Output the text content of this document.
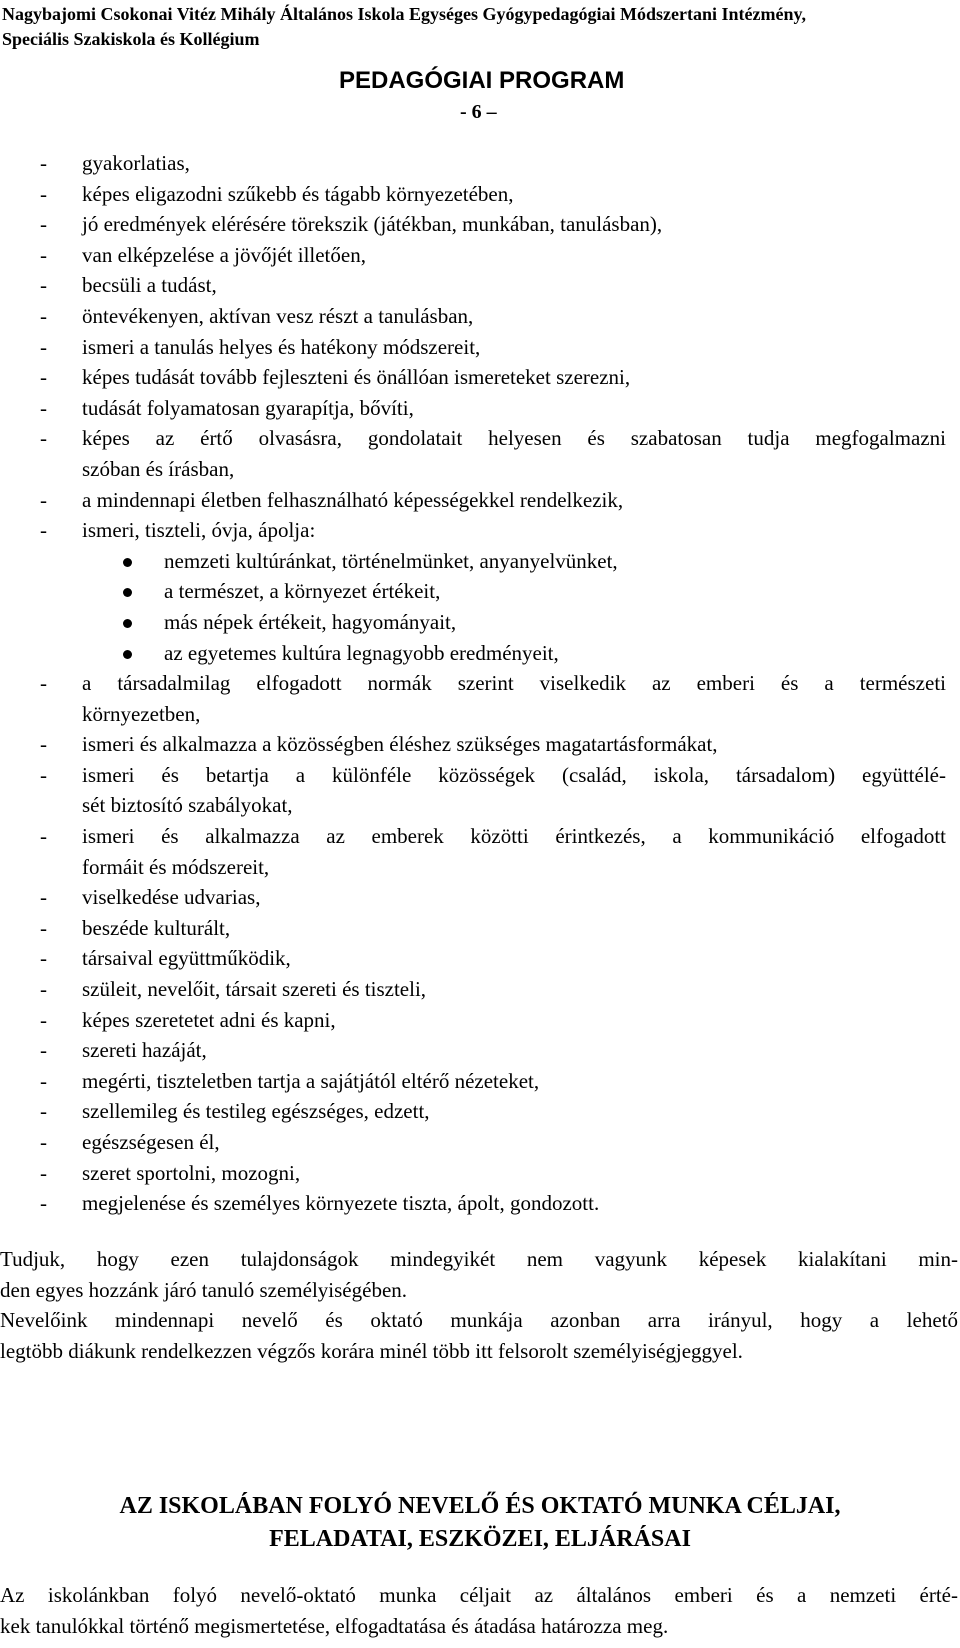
Nagybajomi Csokonai Vitéz Mihály Általános Iskola Egységes Gyógypedagógiai Módszertani Intézmény,
Speciális Szakiskola és Kollégium
PEDAGÓGIAI PROGRAM
- 6 –
- gyakorlatias,
- képes eligazodni szűkebb és tágabb környezetében,
- jó eredmények elérésére törekszik (játékban, munkában, tanulásban),
- van elképzelése a jövőjét illetően,
- becsüli a tudást,
- öntevékenyen, aktívan vesz részt a tanulásban,
- ismeri a tanulás helyes és hatékony módszereit,
- képes tudását tovább fejleszteni és önállóan ismereteket szerezni,
- tudását folyamatosan gyarapítja, bővíti,
- képes az értő olvasásra, gondolatait helyesen és szabatosan tudja megfogalmazni
szóban és írásban,
- a mindennapi életben felhasználható képességekkel rendelkezik,
- ismeri, tiszteli, óvja, ápolja:
nemzeti kultúránkat, történelmünket, anyanyelvünket,
a természet, a környezet értékeit,
más népek értékeit, hagyományait,
az egyetemes kultúra legnagyobb eredményeit,
- a társadalmilag elfogadott normák szerint viselkedik az emberi és a természeti
környezetben,
- ismeri és alkalmazza a közösségben éléshez szükséges magatartásformákat,
- ismeri és betartja a különféle közösségek (család, iskola, társadalom) együttélé-
sét biztosító szabályokat,
- ismeri és alkalmazza az emberek közötti érintkezés, a kommunikáció elfogadott
formáit és módszereit,
- viselkedése udvarias,
- beszéde kulturált,
- társaival együttműködik,
- szüleit, nevelőit, társait szereti és tiszteli,
- képes szeretetet adni és kapni,
- szereti hazáját,
- megérti, tiszteletben tartja a sajátjától eltérő nézeteket,
- szellemileg és testileg egészséges, edzett,
- egészségesen él,
- szeret sportolni, mozogni,
- megjelenése és személyes környezete tiszta, ápolt, gondozott.
Tudjuk, hogy ezen tulajdonságok mindegyikét nem vagyunk képesek kialakítani min-
den egyes hozzánk járó tanuló személyiségében.
Nevelőink mindennapi nevelő és oktató munkája azonban arra irányul, hogy a lehető
legtöbb diákunk rendelkezzen végzős korára minél több itt felsorolt személyiségjeggyel.
AZ ISKOLÁBAN FOLYÓ NEVELŐ ÉS OKTATÓ MUNKA CÉLJAI,
FELADATAI, ESZKÖZEI, ELJÁRÁSAI
Az iskolánkban folyó nevelő-oktató munka céljait az általános emberi és a nemzeti érté-
kek tanulókkal történő megismertetése, elfogadtatása és átadása határozza meg.
